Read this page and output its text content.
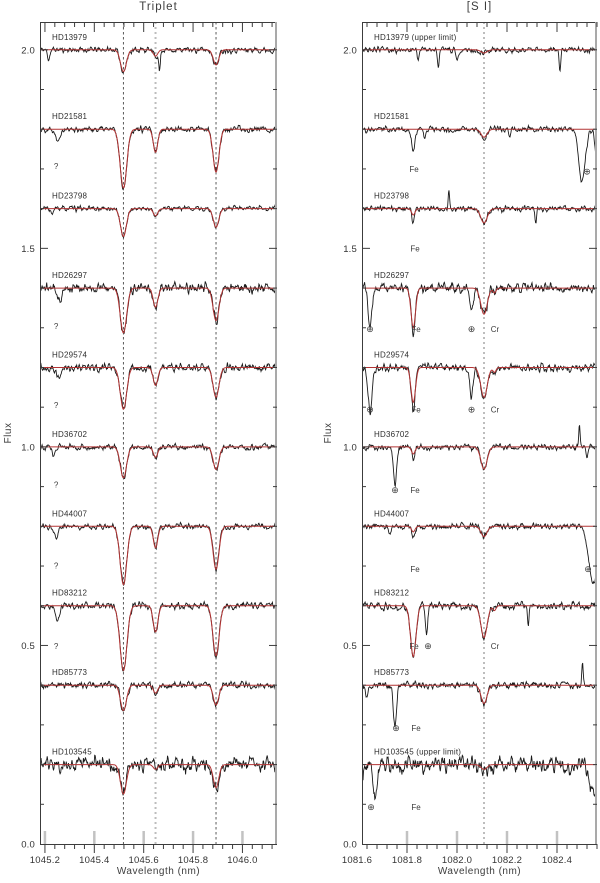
HD13979
HD21581
?
HD23798
HD26297
?
HD29574
?
HD36702
?
HD44007
?
HD83212
?
HD85773
HD103545
1045.2 1045.4 1045.6 1045.8 1046.0
0.0
0.5
1.0
1.5
2.0
HD13979 (upper limit)
HD21581
Fe	⊕
HD23798
Fe
HD26297
⊕	Fe	⊕ Cr
HD29574
⊕	Fe	⊕ Cr
HD36702
⊕ Fe
HD44007
Fe	⊕
HD83212
Fe ⊕	Cr
HD85773
⊕ Fe
HD103545 (upper limit)
⊕	Fe
1081.6 1081.8 1082.0 1082.2 1082.4
0.0
0.5
1.0
1.5
2.0
Triplet	[S I]
Wavelength (nm)	Wavelength (nm)
Flux	Flux
